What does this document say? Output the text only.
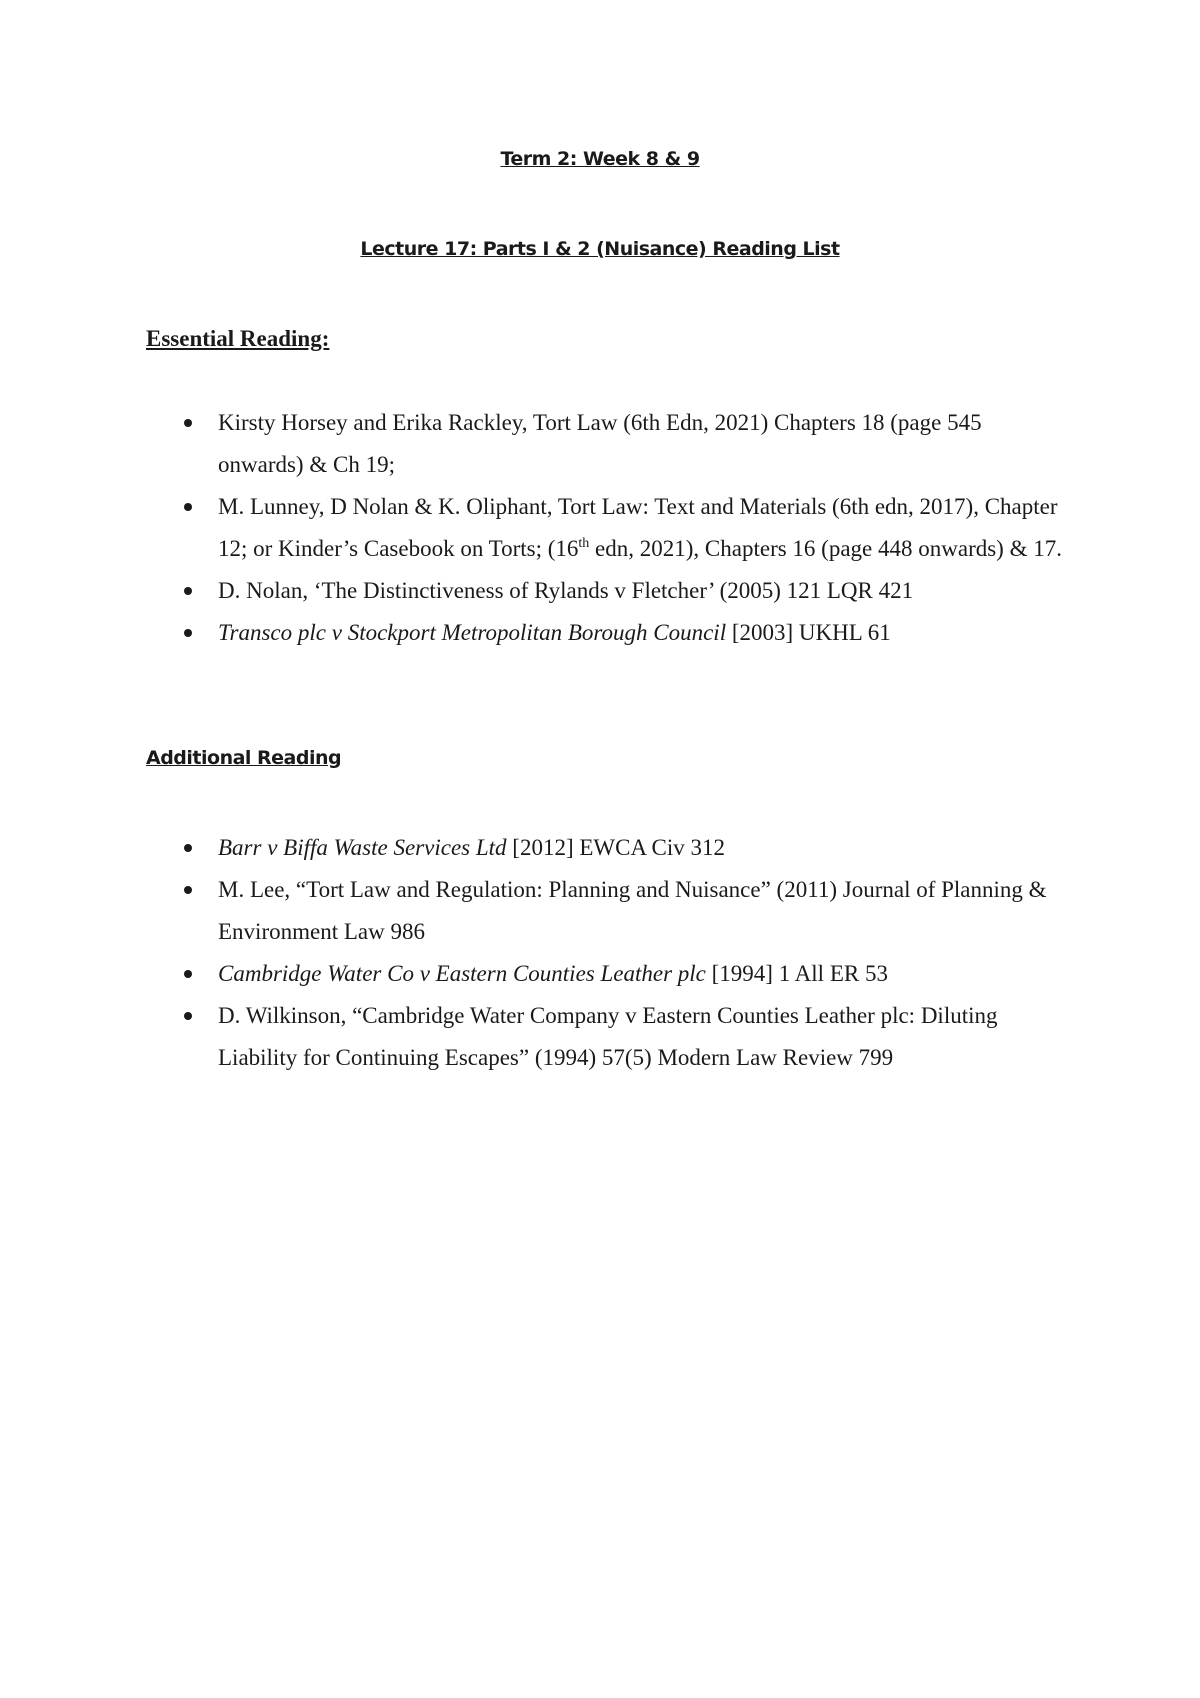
Term 2: Week 8 & 9
Lecture 17: Parts I & 2 (Nuisance) Reading List
Essential Reading:
Kirsty Horsey and Erika Rackley, Tort Law (6th Edn, 2021) Chapters 18 (page 545 onwards) & Ch 19;
M. Lunney, D Nolan & K. Oliphant, Tort Law: Text and Materials (6th edn, 2017), Chapter 12; or Kinder’s Casebook on Torts; (16th edn, 2021), Chapters 16 (page 448 onwards) & 17.
D. Nolan, ‘The Distinctiveness of Rylands v Fletcher’ (2005) 121 LQR 421
Transco plc v Stockport Metropolitan Borough Council [2003] UKHL 61
Additional Reading
Barr v Biffa Waste Services Ltd [2012] EWCA Civ 312
M. Lee, “Tort Law and Regulation: Planning and Nuisance” (2011) Journal of Planning & Environment Law 986
Cambridge Water Co v Eastern Counties Leather plc [1994] 1 All ER 53
D. Wilkinson, “Cambridge Water Company v Eastern Counties Leather plc: Diluting Liability for Continuing Escapes” (1994) 57(5) Modern Law Review 799
